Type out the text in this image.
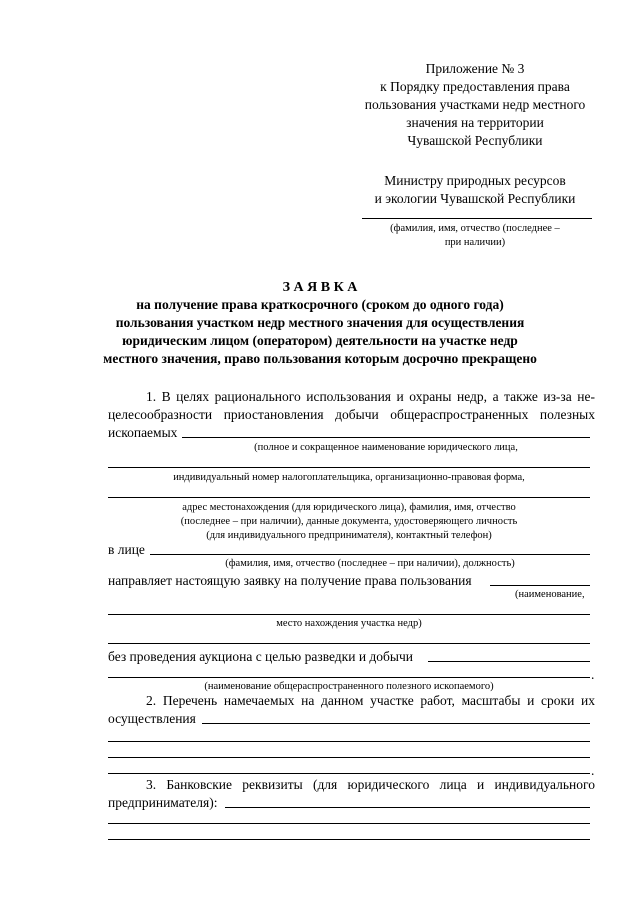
Приложение № 3
к Порядку предоставления права
пользования участками недр местного
значения на территории
Чувашской Республики
Министру природных ресурсов
и экологии Чувашской Республики
(фамилия, имя, отчество (последнее –
при наличии)
З А Я В К А
на получение права краткосрочного (сроком до одного года)
пользования участком недр местного значения для осуществления
юридическим лицом (оператором) деятельности на участке недр
местного значения, право пользования которым досрочно прекращено
1. В целях рационального использования и охраны недр, а также из-за не-
целесообразности приостановления добычи общераспространенных полезных
ископаемых
(полное и сокращенное наименование юридического лица,
индивидуальный номер налогоплательщика, организационно-правовая форма,
адрес местонахождения (для юридического лица), фамилия, имя, отчество
(последнее – при наличии), данные документа, удостоверяющего личность
(для индивидуального предпринимателя), контактный телефон)
в лице
(фамилия, имя, отчество (последнее – при наличии), должность)
направляет настоящую заявку на получение права пользования
(наименование,
место нахождения участка недр)
без проведения аукциона с целью разведки и добычи
.
(наименование общераспространенного полезного ископаемого)
2. Перечень намечаемых на данном участке работ, масштабы и сроки их
осуществления
.
3. Банковские реквизиты (для юридического лица и индивидуального
предпринимателя):
